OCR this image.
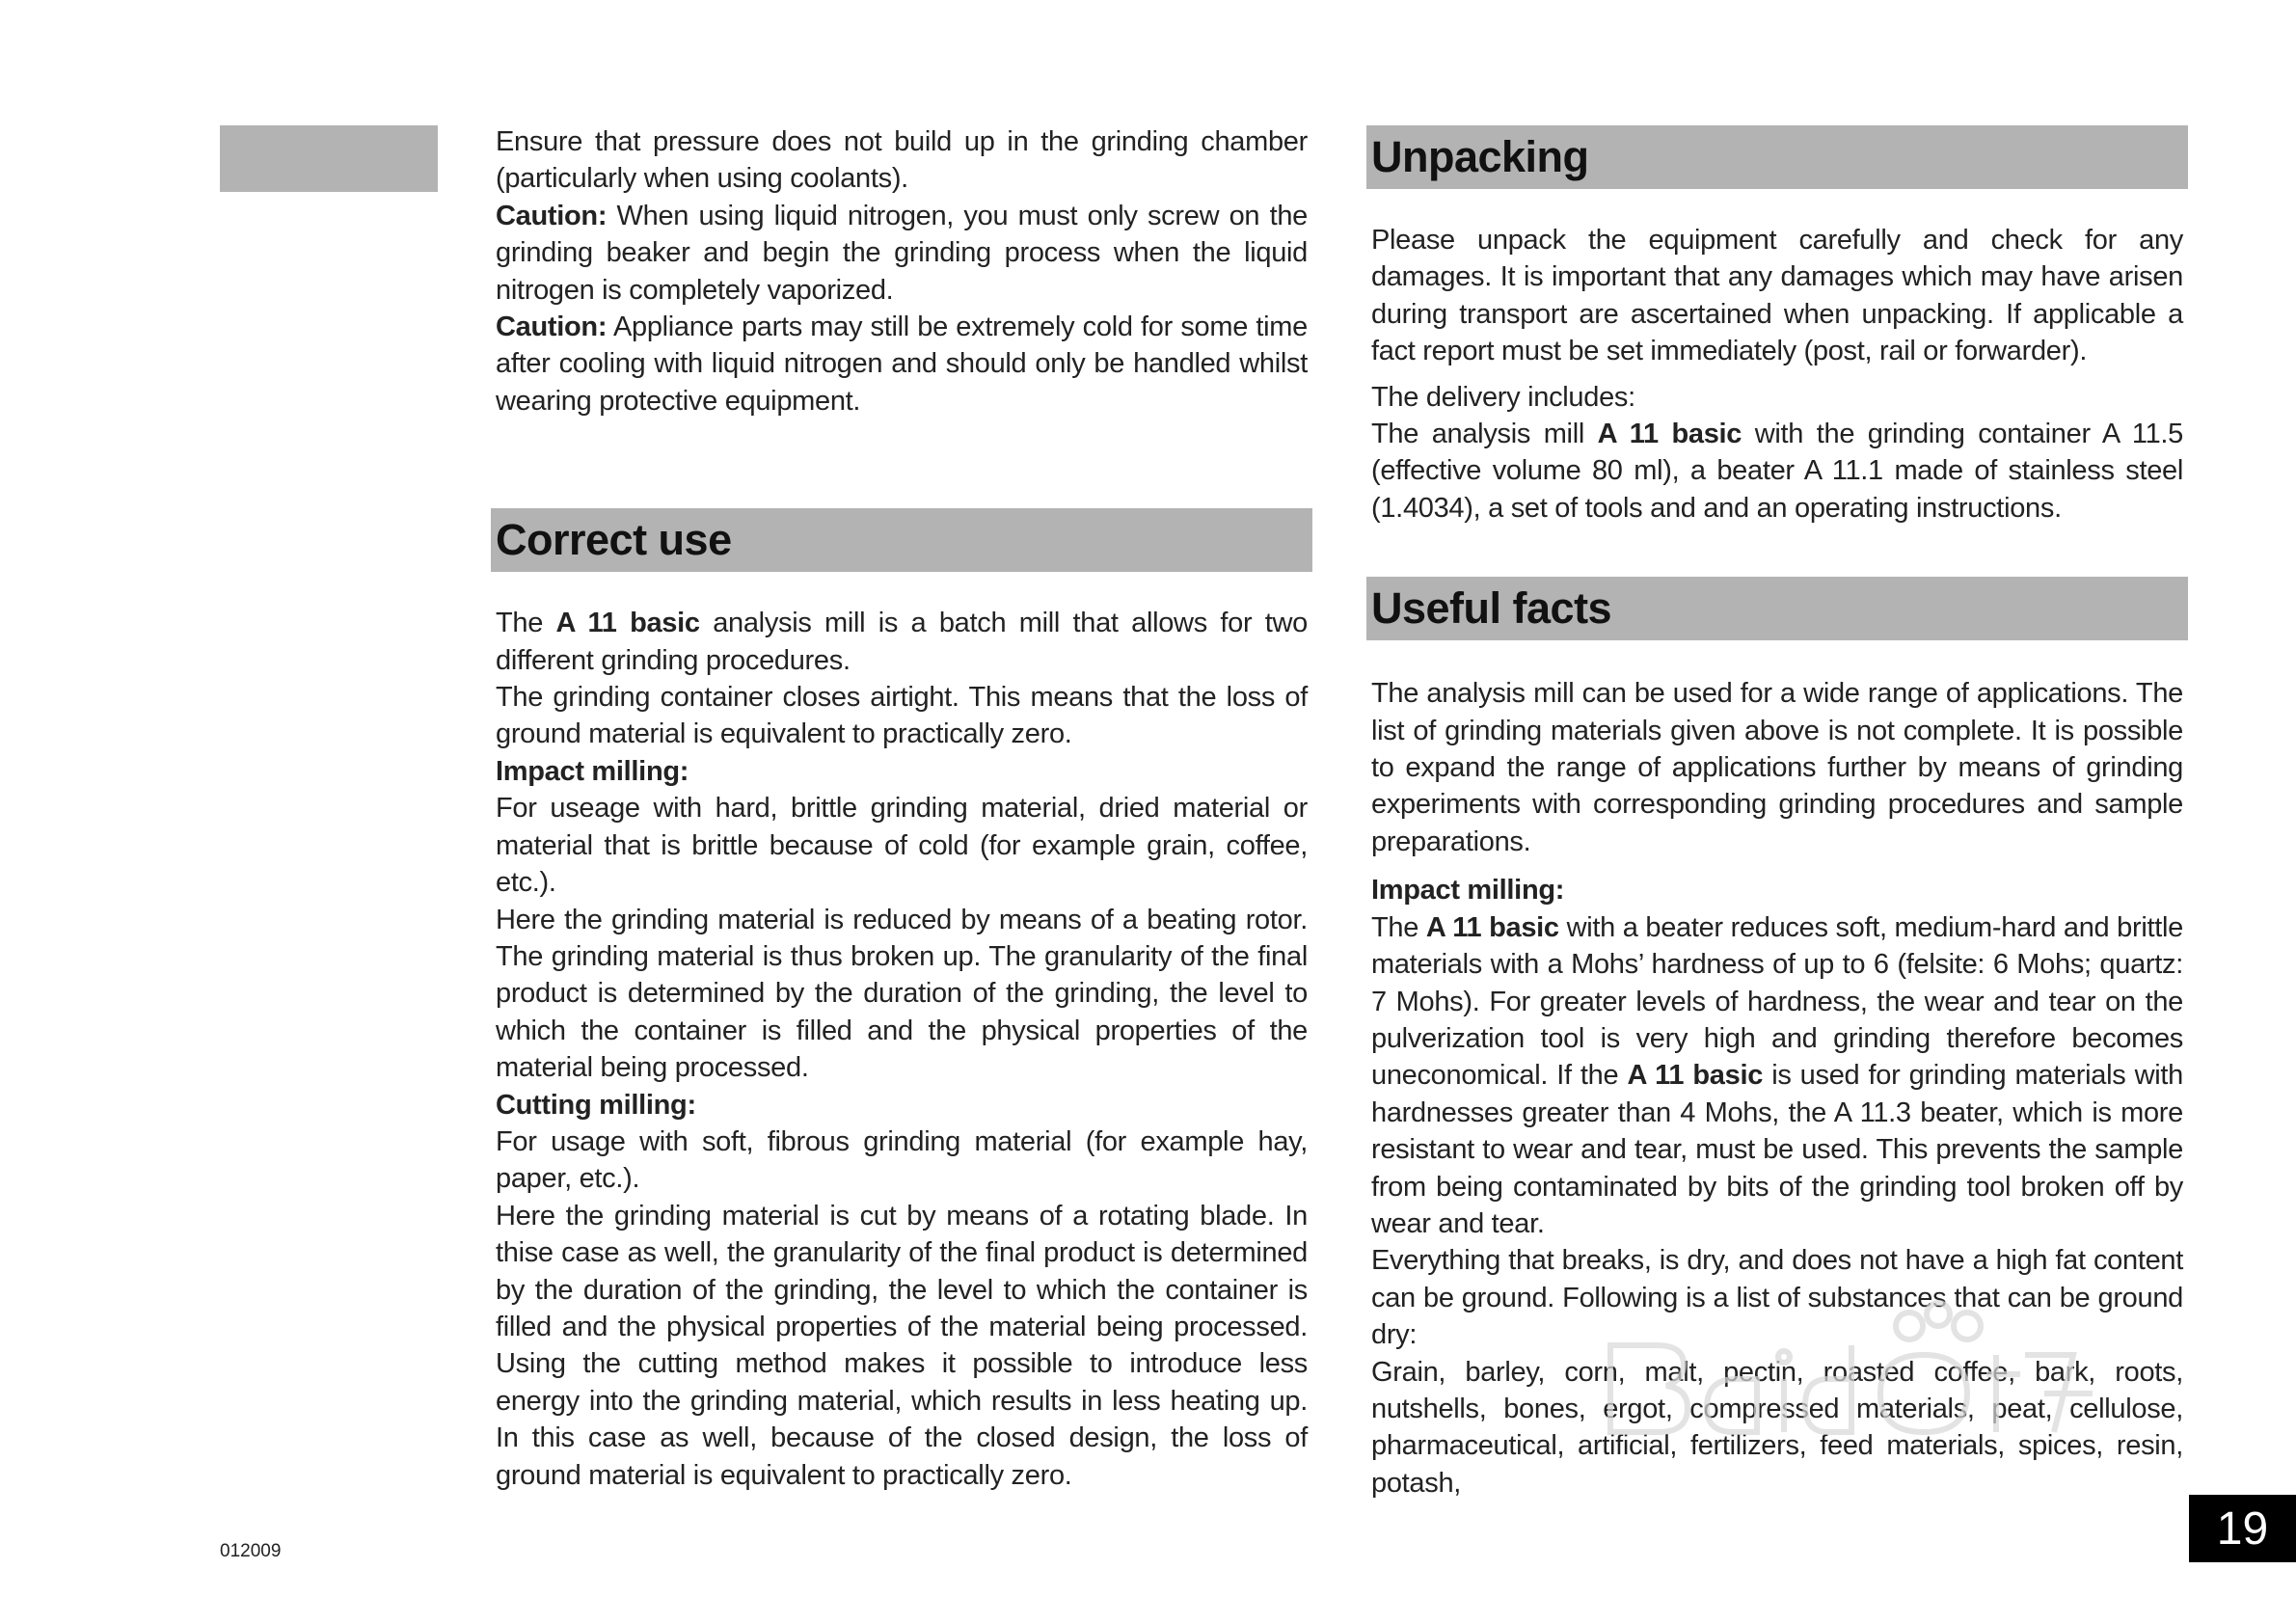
Ensure that pressure does not build up in the grinding chamber (particularly when using coolants).

Caution: When using liquid nitrogen, you must only screw on the grinding beaker and begin the grinding process when the liquid nitrogen is completely vaporized.

Caution: Appliance parts may still be extremely cold for some time after cooling with liquid nitrogen and should only be handled whilst wearing protective equipment.

Correct use

The A 11 basic analysis mill is a batch mill that allows for two different grinding procedures.

The grinding container closes airtight. This means that the loss of ground material is equivalent to practically zero.

Impact milling:

For useage with hard, brittle grinding material, dried material or material that is brittle because of cold (for example grain, coffee, etc.).

Here the grinding material is reduced by means of a beating rotor. The grinding material is thus broken up. The granularity of the final product is determined by the duration of the grinding, the level to which the container is filled and the physical properties of the material being processed.

Cutting milling:

For usage with soft, fibrous grinding material (for example hay, paper, etc.).

Here the grinding material is cut by means of a rotating blade. In thise case as well, the granularity of the final product is determined by the duration of the grinding, the level to which the container is filled and the physical properties of the material being processed. Using the cutting method makes it possible to introduce less energy into the grinding material, which results in less heating up. In this case as well, because of the closed design, the loss of ground material is equivalent to practically zero.

Unpacking

Please unpack the equipment carefully and check for any damages. It is important that any damages which may have arisen during transport are ascertained when unpacking. If applicable a fact report must be set immediately (post, rail or forwarder).

The delivery includes:

The analysis mill A 11 basic with the grinding container A 11.5 (effective volume 80 ml), a beater A 11.1 made of stainless steel (1.4034), a set of tools and and an operating instructions.

Useful facts

The analysis mill can be used for a wide range of applications. The list of grinding materials given above is not complete. It is possible to expand the range of applications further by means of grinding experiments with corresponding grinding procedures and sample preparations.

Impact milling:

The A 11 basic with a beater reduces soft, medium-hard and brittle materials with a Mohs’ hardness of up to 6 (felsite: 6 Mohs; quartz: 7 Mohs). For greater levels of hardness, the wear and tear on the pulverization tool is very high and grinding therefore becomes uneconomical. If the A 11 basic is used for grinding materials with hardnesses greater than 4 Mohs, the A 11.3 beater, which is more resistant to wear and tear, must be used. This prevents the sample from being contaminated by bits of the grinding tool broken off by wear and tear.

Everything that breaks, is dry, and does not have a high fat content can be ground. Following is a list of substances that can be ground dry:

Grain, barley, corn, malt, pectin, roasted coffee, bark, roots, nutshells, bones, ergot, compressed materials, peat, cellulose, pharmaceutical, artificial, fertilizers, feed materials, spices, resin, potash,

012009	19
